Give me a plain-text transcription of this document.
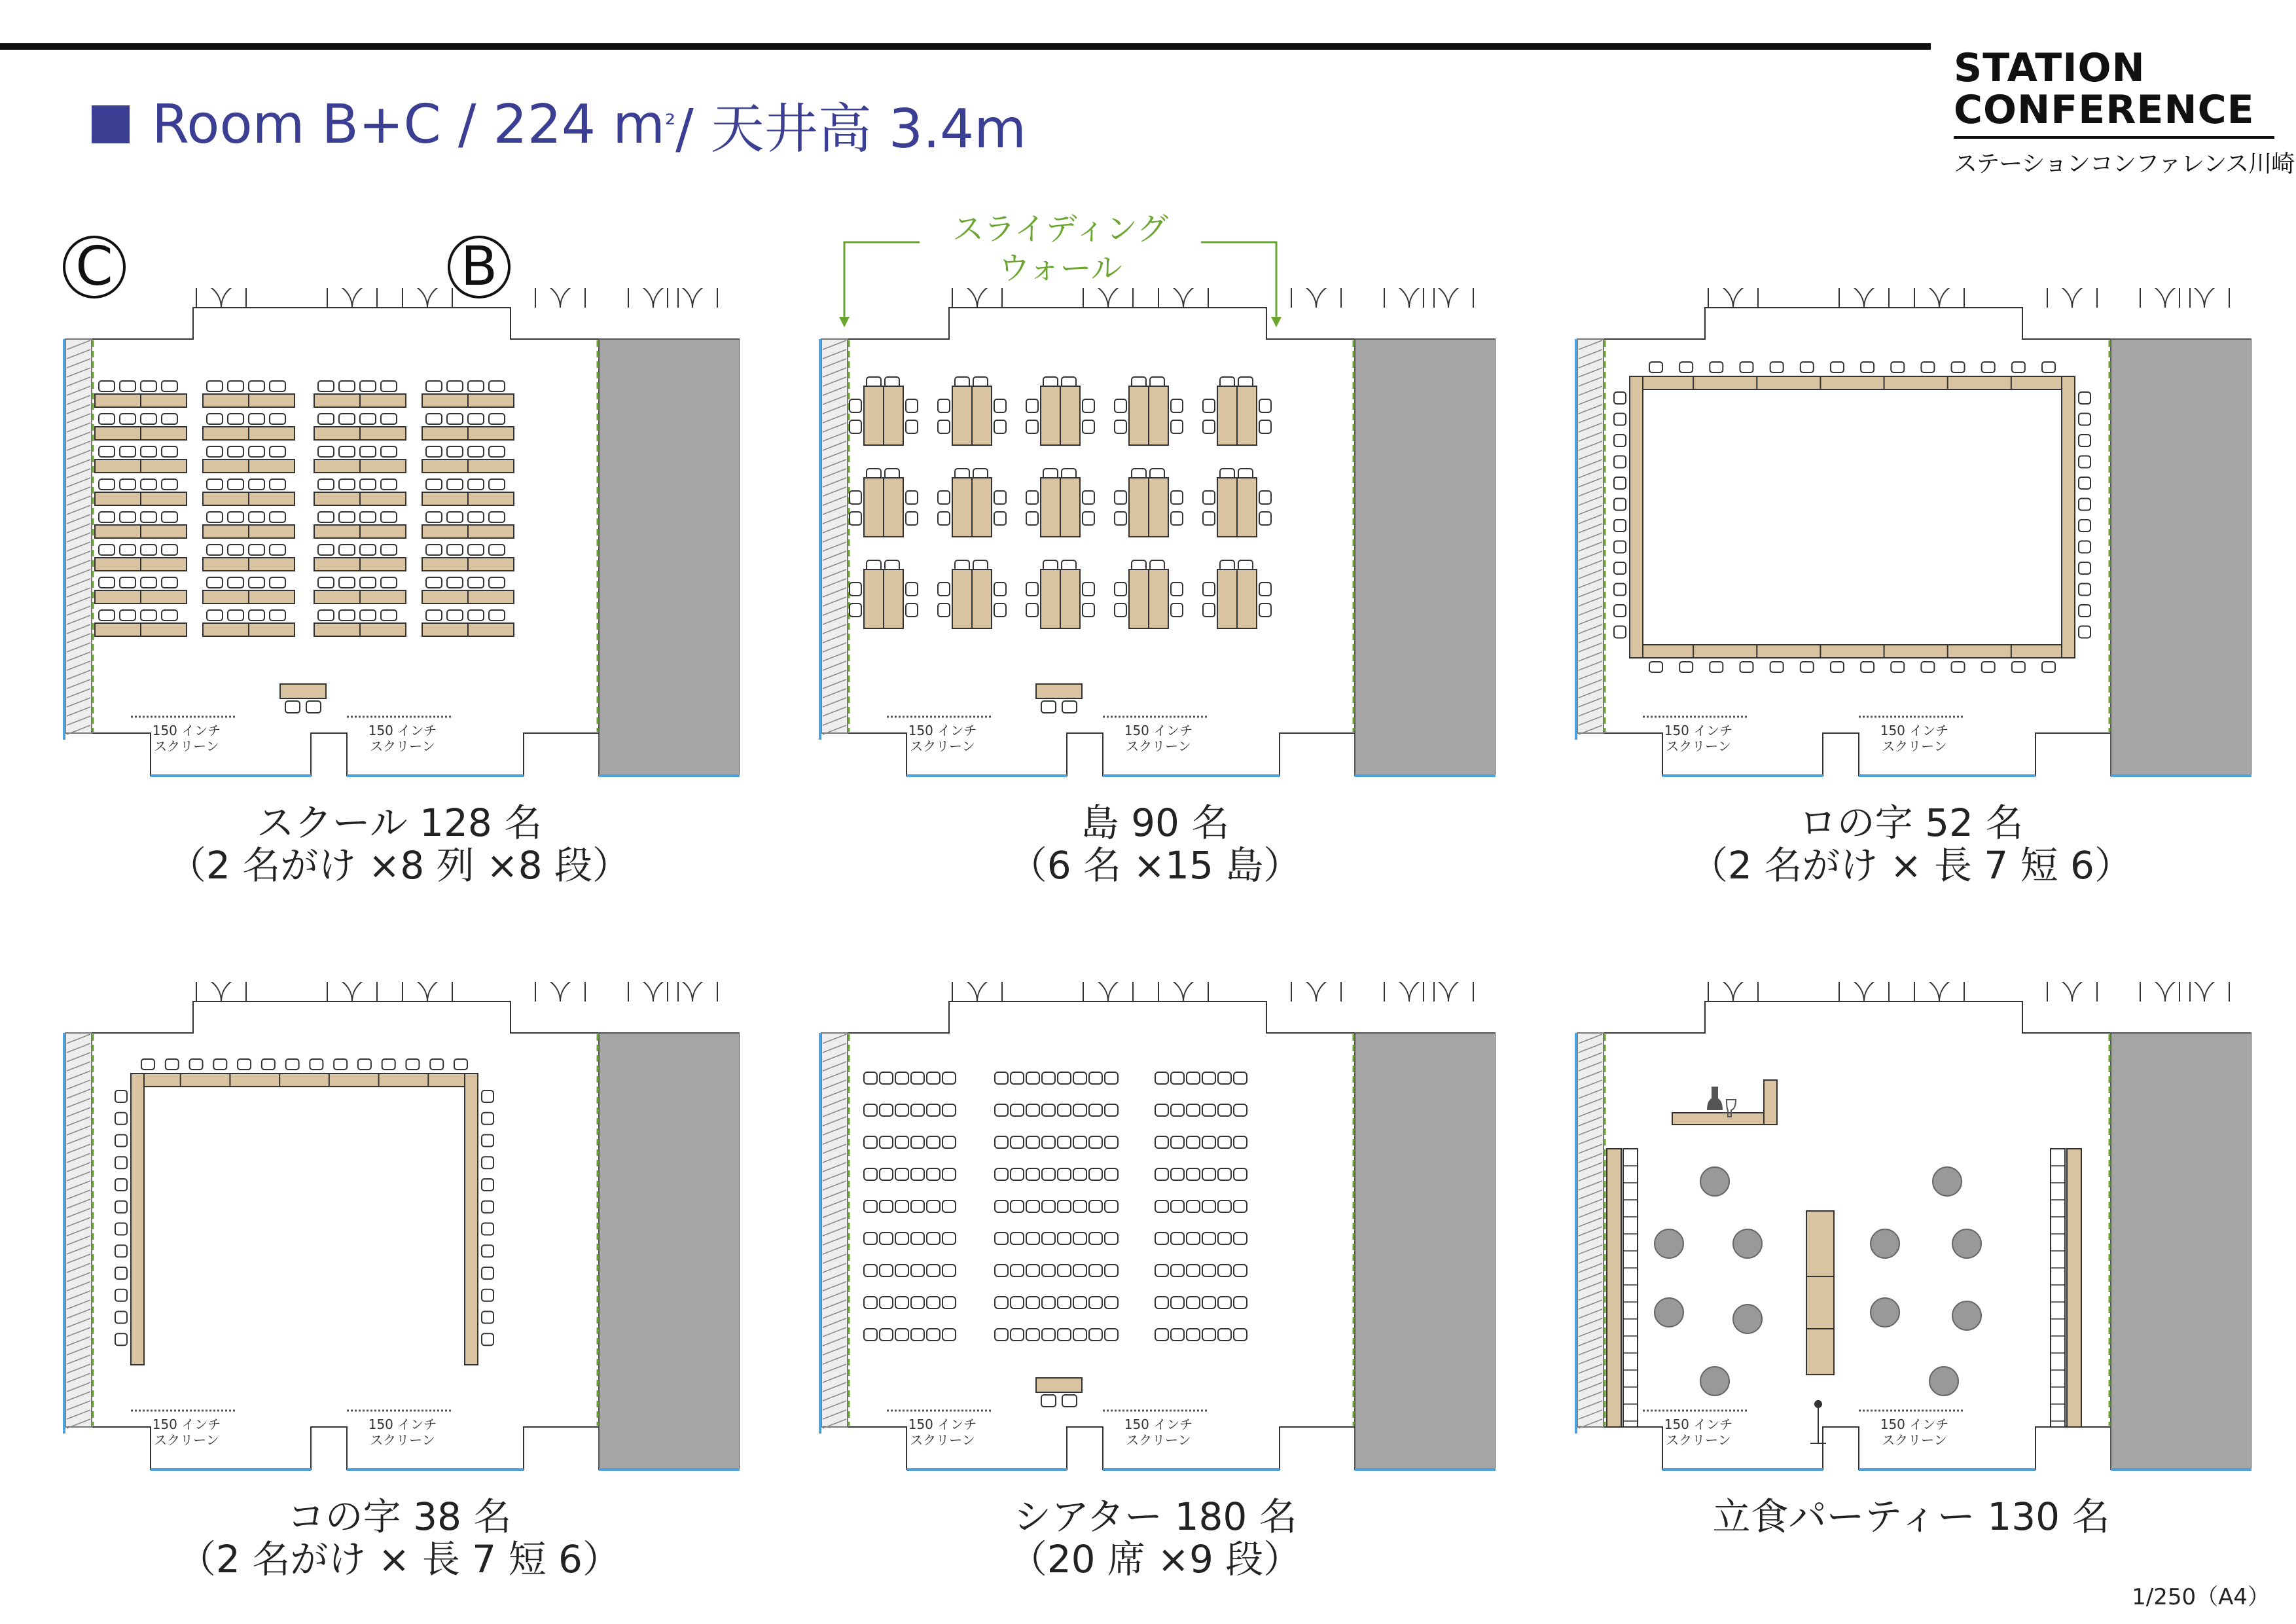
Room B+C / 224 m ² / 天井高 3.4m
STATION
CONFERENCE
ステーションコンファレンス川崎
C	B
スライディング
ウォール
150 インチ
スクリーン
150 インチ
スクリーン
150 インチ
スクリーン
150 インチ
スクリーン
150 インチ
スクリーン
150 インチ
スクリーン
150 インチ
スクリーン
150 インチ
スクリーン
150 インチ
スクリーン
150 インチ
スクリーン
150 インチ
スクリーン
150 インチ
スクリーン
スクール 128 名
（2 名がけ ×8 列 ×8 段）
島 90 名
（6 名 ×15 島）
ロの字 52 名
（2 名がけ × 長 7 短 6）
コの字 38 名
（2 名がけ × 長 7 短 6）
シアター 180 名
（20 席 ×9 段）
立食パーティー 130 名
1/250（A4）
